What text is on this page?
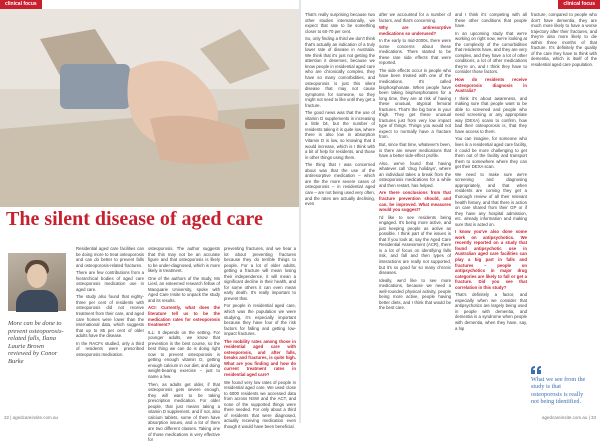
clinical focus
The silent disease of aged care
More can be done to prevent osteoporosis-related falls, Ilana Laurie Brown reviewed by Conor Burke

Residential aged care facilities can be doing more to treat osteoporosis and can do better to prevent falls and osteoporosis-related fractures.

There are few contributions from a hierarchical bodies of aged care osteoporosis medication use in aged care.

The study also found that eighty-three per cent of residents with osteoporosis did not receive treatment from their care, and aged care homes were lower than the international data, which suggests that up to 85 per cent of older adults have the disease.

In the RACFs studied, only a third of residents were prescribed osteoporosis medication.

osteoporosis. The author suggests that this may not be an accurate figure and that osteoporosis is likely to be under-diagnosed, which is more likely in treatment.

One of the authors of the study, Ms Liesl, an esteemed research fellow of Macquarie University, spoke with Aged Care Insite to unpack the study and its results.

ACI: Currently, what does the literature tell us to be the medication rates for osteoporosis treatment?

ILL: It depends on the setting. For younger adults, we know that prevention is the best course, so the best thing we can do is doing right now to prevent osteoporosis is getting enough vitamin D, getting enough calcium in our diet, and doing weight-bearing exercise – just to name a few.

Then, as adults get older, if that osteoporosis gets severe enough, they will want to be taking prescription medication. For older people, that just means taking a vitamin D supplement, and if not, also calcium tablets, some of them have absorption issues, and a lot of them are two different classes. Taking one of those medications is very effective for

preventing fractures, and we hear a lot about preventing fractures because they do terrible things to people. For a lot of older adults, getting a fracture will mean losing their independence, it will mean a significant decline in their health, and for some others it can even mean early death. It's really important to prevent that.

For people in residential aged care, which was the population we were studying, it's especially important because they have four of the risk factors for falling and getting low-impact fractures.

The mobility rates among those in residential aged care with osteoporosis, and after falls, breaks and fractures, is quite high. What are you finding and how do current treatment rates in residential aged care?

We found very low rates of people in residential aged care. We used close to 6000 residents we accessed data from across NSW and the ACT, and none of the supported things were there needed. For only about a third of residents that were diagnosed, actually receiving medication even though it would have been beneficial.

32 | agedcareinsite.com.au
clinical focus

That's really surprising because two other studies internationally, we expect that rate to be something closer to 60-70 per cent.

So, only finding a third we don't think that's actually an indication of a truly lower rate of disease in Australia. We think that it's just not getting the attention it deserves, because we know people in residential aged care who are chronically complex, they have so many comorbidities, and osteoporosis is just this silent disease that may not cause symptoms for someone, so they might not need to like until they get a fracture.

The good news was that the use of vitamin D supplements is increasing a little bit, but the number of residents taking it is quite low, where there is also low in absorption Vitamin D is low, so knowing that it would increase, which is I think with a bit of help for residents, and those in other things using them.

The thing that I was concerned about was that the use of the antiresorptive medication – which are the the more severe cases of osteoporosis – in residential aged care – are not being used very often, and the rates are actually declining, even

after we accounted for a number of factors, and that's concerning.

Why are antiresorptive medications so underused?

In the early to mid-2000s, there were some concerns about these medications. There started to be these rare side effects that were reported.

The side effects occur in people who have been treated with one of the medications. It's called bisphosphonate. When people have been taking bisphosphonates for a long time, they are at risk of having these unusual, atypical femoral fractures. That's the big bone in your thigh. They get these unusual fractures just from very low impact type of things. Things you would not expect to normally have a fracture from.

But, since that time, whatever's been, is there are newer medications that have a better side-effect profile.

Also, we've found that having whatever call 'drug holidays', where an individual takes a break from the osteoporosis medications for a while and then restart, has helped.

Are there conclusions from that fracture prevention should, and can, be improved. What measures would you suggest?

I'd like to see residents being engaged. It's being more active, and just keeping people as active as possible. I think part of the issues is that if you look at, say the Aged Care Residential Assessment (ACR), there is a lot of focus on identifying falls risk, and fall and then types of interactions are really not supported, but it's so good for so many chronic diseases.

Ideally, we'd like to see more medications, because we need a well-rounded physical activity, people being more active, people having better diets, and I think that would be the best care.

and I think it's competing with all these other conditions that people have.

In an upcoming study that we're working on right now, we're looking at the complexity of the comorbidities that residents have, and they are very complex, and they have a lot of other conditions, a lot of other medications they're on, and I think they have to consider those factors.

How do residents receive osteoporosis diagnosis in Australia?

I think it's about awareness, and making sure that people want to be able to screened and people who need screening or any appropriate way (DEXA) scans to confirm, how bad their osteoporosis is, that they have access to them.

You can imagine, for someone who lives in a residential aged care facility, it could be more challenging to get them out of the facility and transport them to somewhere where they can get their DEXA scan.

We need to make sure we're screening and diagnosing appropriately, and that when residents are coming they get a thorough review of all their relevant health history, and that there is action on care shared from their GP or if they have any hospital admission, etc. already information and making sure that is acted on.

I know you've also done some work on antipsychotics. We recently reported on a study that found antipsychotic use in Australian aged care facilities can play a big part in falls and fractures – people on antipsychotics in major drug categories are likely to fall or get a fracture. Did you see that correlation in this study?

That's definitely a factor, and especially when we consider that antipsychotics are largely being used in people with dementia, and dementia is a syndrome when people with dementia, when they have, say, a hip

fracture, compared to people who don't have dementia, they are much more likely to have a worse trajectory after their fractures, and they're also more likely to die within three months of that fracture. It's definitely the quality of the care they have to think with dementia, which is itself of the residential aged care population.

What we see from the study is that osteoporosis is really not being identified.
agedcareinsite.com.au | 33
